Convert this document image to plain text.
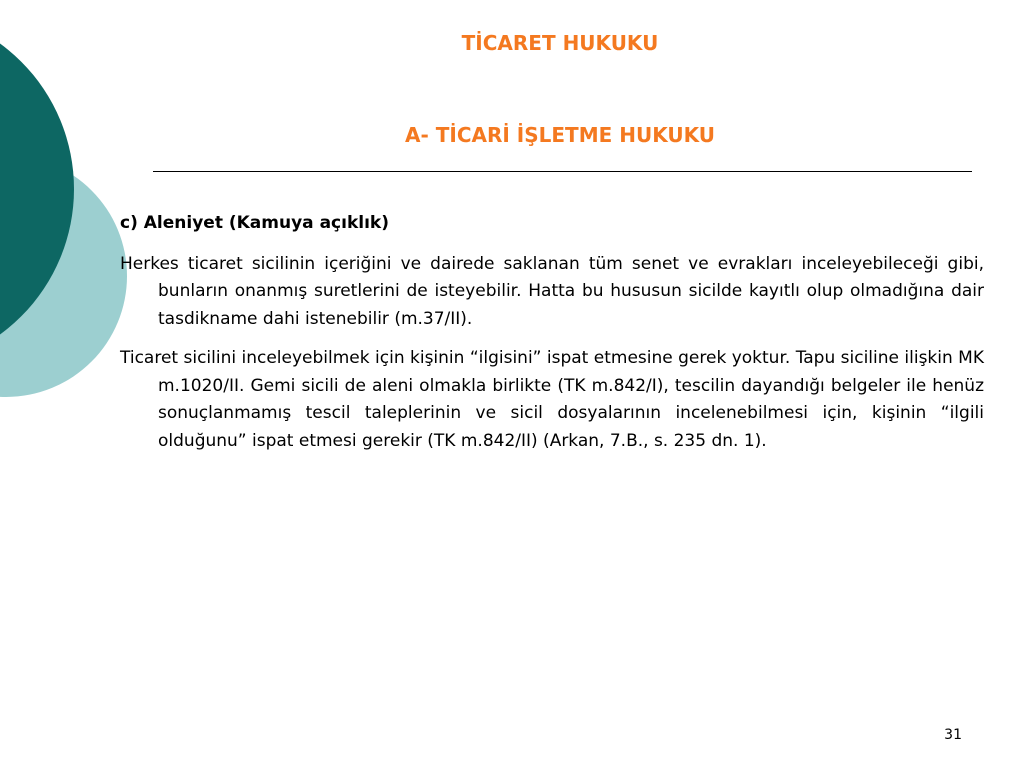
TİCARET HUKUKU
A- TİCARİ İŞLETME HUKUKU

c) Aleniyet (Kamuya açıklık)

Herkes ticaret sicilinin içeriğini ve dairede saklanan tüm senet ve evrakları inceleyebileceği gibi, bunların onanmış suretlerini de isteyebilir. Hatta bu hususun sicilde kayıtlı olup olmadığına dair tasdikname dahi istenebilir (m.37/II).

Ticaret sicilini inceleyebilmek için kişinin “ilgisini” ispat etmesine gerek yoktur. Tapu siciline ilişkin MK m.1020/II. Gemi sicili de aleni olmakla birlikte (TK m.842/I), tescilin dayandığı belgeler ile henüz sonuçlanmamış tescil taleplerinin ve sicil dosyalarının incelenebilmesi için, kişinin “ilgili olduğunu” ispat etmesi gerekir (TK m.842/II) (Arkan, 7.B., s. 235 dn. 1).

31
